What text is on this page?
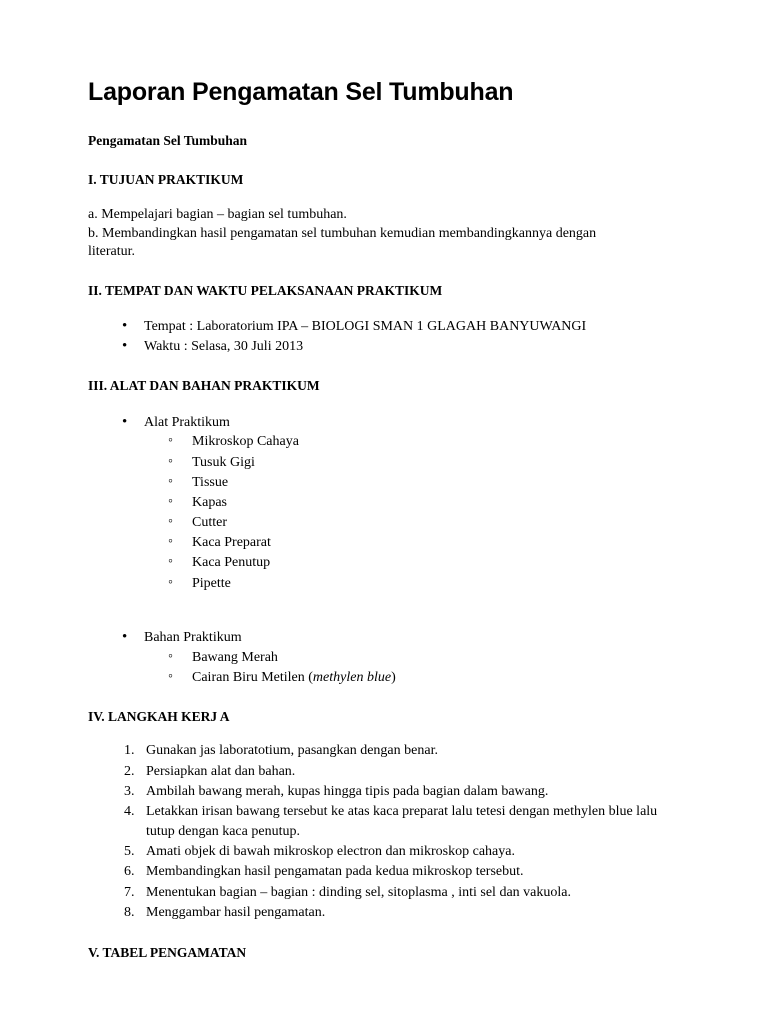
Laporan Pengamatan Sel Tumbuhan
Pengamatan Sel Tumbuhan
I. TUJUAN PRAKTIKUM
a. Mempelajari bagian – bagian sel tumbuhan.
b. Membandingkan hasil pengamatan sel tumbuhan kemudian membandingkannya dengan
literatur.
II. TEMPAT DAN WAKTU PELAKSANAAN PRAKTIKUM
• Tempat : Laboratorium IPA – BIOLOGI SMAN 1 GLAGAH BANYUWANGI
• Waktu : Selasa, 30 Juli 2013
III. ALAT DAN BAHAN PRAKTIKUM
• Alat Praktikum
◦ Mikroskop Cahaya
◦ Tusuk Gigi
◦ Tissue
◦ Kapas
◦ Cutter
◦ Kaca Preparat
◦ Kaca Penutup
◦ Pipette
• Bahan Praktikum
◦ Bawang Merah
◦ Cairan Biru Metilen (methylen blue)
IV. LANGKAH KERJ A
1. Gunakan jas laboratotium, pasangkan dengan benar.
2. Persiapkan alat dan bahan.
3. Ambilah bawang merah, kupas hingga tipis pada bagian dalam bawang.
4. Letakkan irisan bawang tersebut ke atas kaca preparat lalu tetesi dengan methylen blue lalu tutup dengan kaca penutup.
5. Amati objek di bawah mikroskop electron dan mikroskop cahaya.
6. Membandingkan hasil pengamatan pada kedua mikroskop tersebut.
7. Menentukan bagian – bagian : dinding sel, sitoplasma , inti sel dan vakuola.
8. Menggambar hasil pengamatan.
V. TABEL PENGAMATAN
